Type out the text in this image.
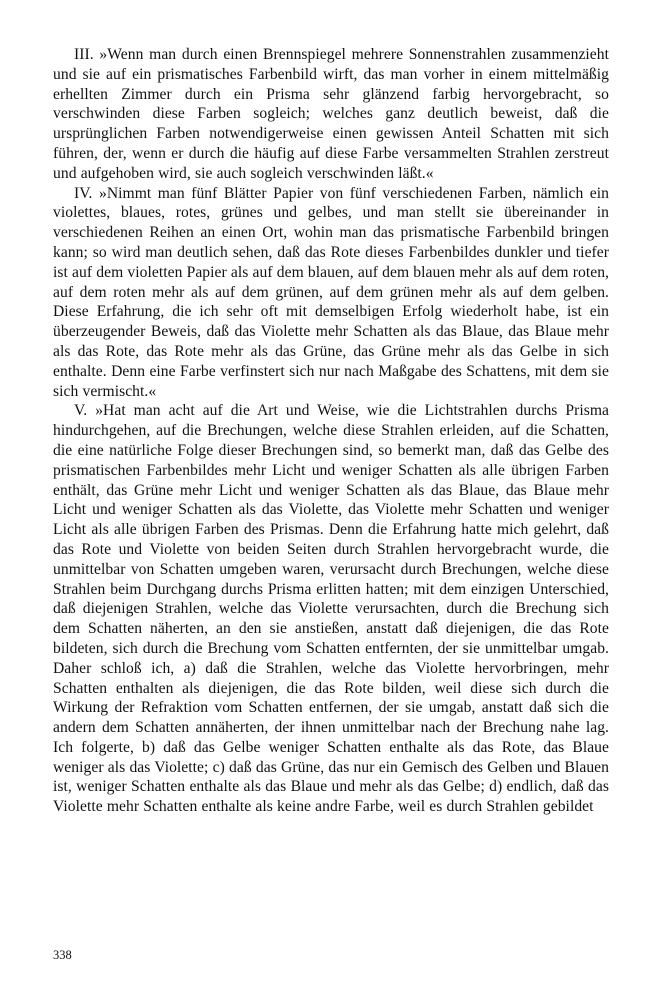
III. »Wenn man durch einen Brennspiegel mehrere Sonnenstrahlen zusammenzieht und sie auf ein prismatisches Farbenbild wirft, das man vorher in einem mittelmäßig erhellten Zimmer durch ein Prisma sehr glänzend farbig hervorgebracht, so verschwinden diese Farben sogleich; welches ganz deutlich beweist, daß die ursprünglichen Farben notwendigerweise einen gewissen Anteil Schatten mit sich führen, der, wenn er durch die häufig auf diese Farbe versammelten Strahlen zerstreut und aufgehoben wird, sie auch sogleich verschwinden läßt.«

IV. »Nimmt man fünf Blätter Papier von fünf verschiedenen Farben, nämlich ein violettes, blaues, rotes, grünes und gelbes, und man stellt sie übereinander in verschiedenen Reihen an einen Ort, wohin man das prismatische Farbenbild bringen kann; so wird man deutlich sehen, daß das Rote dieses Farbenbildes dunkler und tiefer ist auf dem violetten Papier als auf dem blauen, auf dem blauen mehr als auf dem roten, auf dem roten mehr als auf dem grünen, auf dem grünen mehr als auf dem gelben. Diese Erfahrung, die ich sehr oft mit demselbigen Erfolg wiederholt habe, ist ein überzeugender Beweis, daß das Violette mehr Schatten als das Blaue, das Blaue mehr als das Rote, das Rote mehr als das Grüne, das Grüne mehr als das Gelbe in sich enthalte. Denn eine Farbe verfinstert sich nur nach Maßgabe des Schattens, mit dem sie sich vermischt.«

V. »Hat man acht auf die Art und Weise, wie die Lichtstrahlen durchs Prisma hindurchgehen, auf die Brechungen, welche diese Strahlen erleiden, auf die Schatten, die eine natürliche Folge dieser Brechungen sind, so bemerkt man, daß das Gelbe des prismatischen Farbenbildes mehr Licht und weniger Schatten als alle übrigen Farben enthält, das Grüne mehr Licht und weniger Schatten als das Blaue, das Blaue mehr Licht und weniger Schatten als das Violette, das Violette mehr Schatten und weniger Licht als alle übrigen Farben des Prismas. Denn die Erfahrung hatte mich gelehrt, daß das Rote und Violette von beiden Seiten durch Strahlen hervorgebracht wurde, die unmittelbar von Schatten umgeben waren, verursacht durch Brechungen, welche diese Strahlen beim Durchgang durchs Prisma erlitten hatten; mit dem einzigen Unterschied, daß diejenigen Strahlen, welche das Violette verursachten, durch die Brechung sich dem Schatten näherten, an den sie anstießen, anstatt daß diejenigen, die das Rote bildeten, sich durch die Brechung vom Schatten entfernten, der sie unmittelbar umgab. Daher schloß ich, a) daß die Strahlen, welche das Violette hervorbringen, mehr Schatten enthalten als diejenigen, die das Rote bilden, weil diese sich durch die Wirkung der Refraktion vom Schatten entfernen, der sie umgab, anstatt daß sich die andern dem Schatten annäherten, der ihnen unmittelbar nach der Brechung nahe lag. Ich folgerte, b) daß das Gelbe weniger Schatten enthalte als das Rote, das Blaue weniger als das Violette; c) daß das Grüne, das nur ein Gemisch des Gelben und Blauen ist, weniger Schatten enthalte als das Blaue und mehr als das Gelbe; d) endlich, daß das Violette mehr Schatten enthalte als keine andre Farbe, weil es durch Strahlen gebildet

338
